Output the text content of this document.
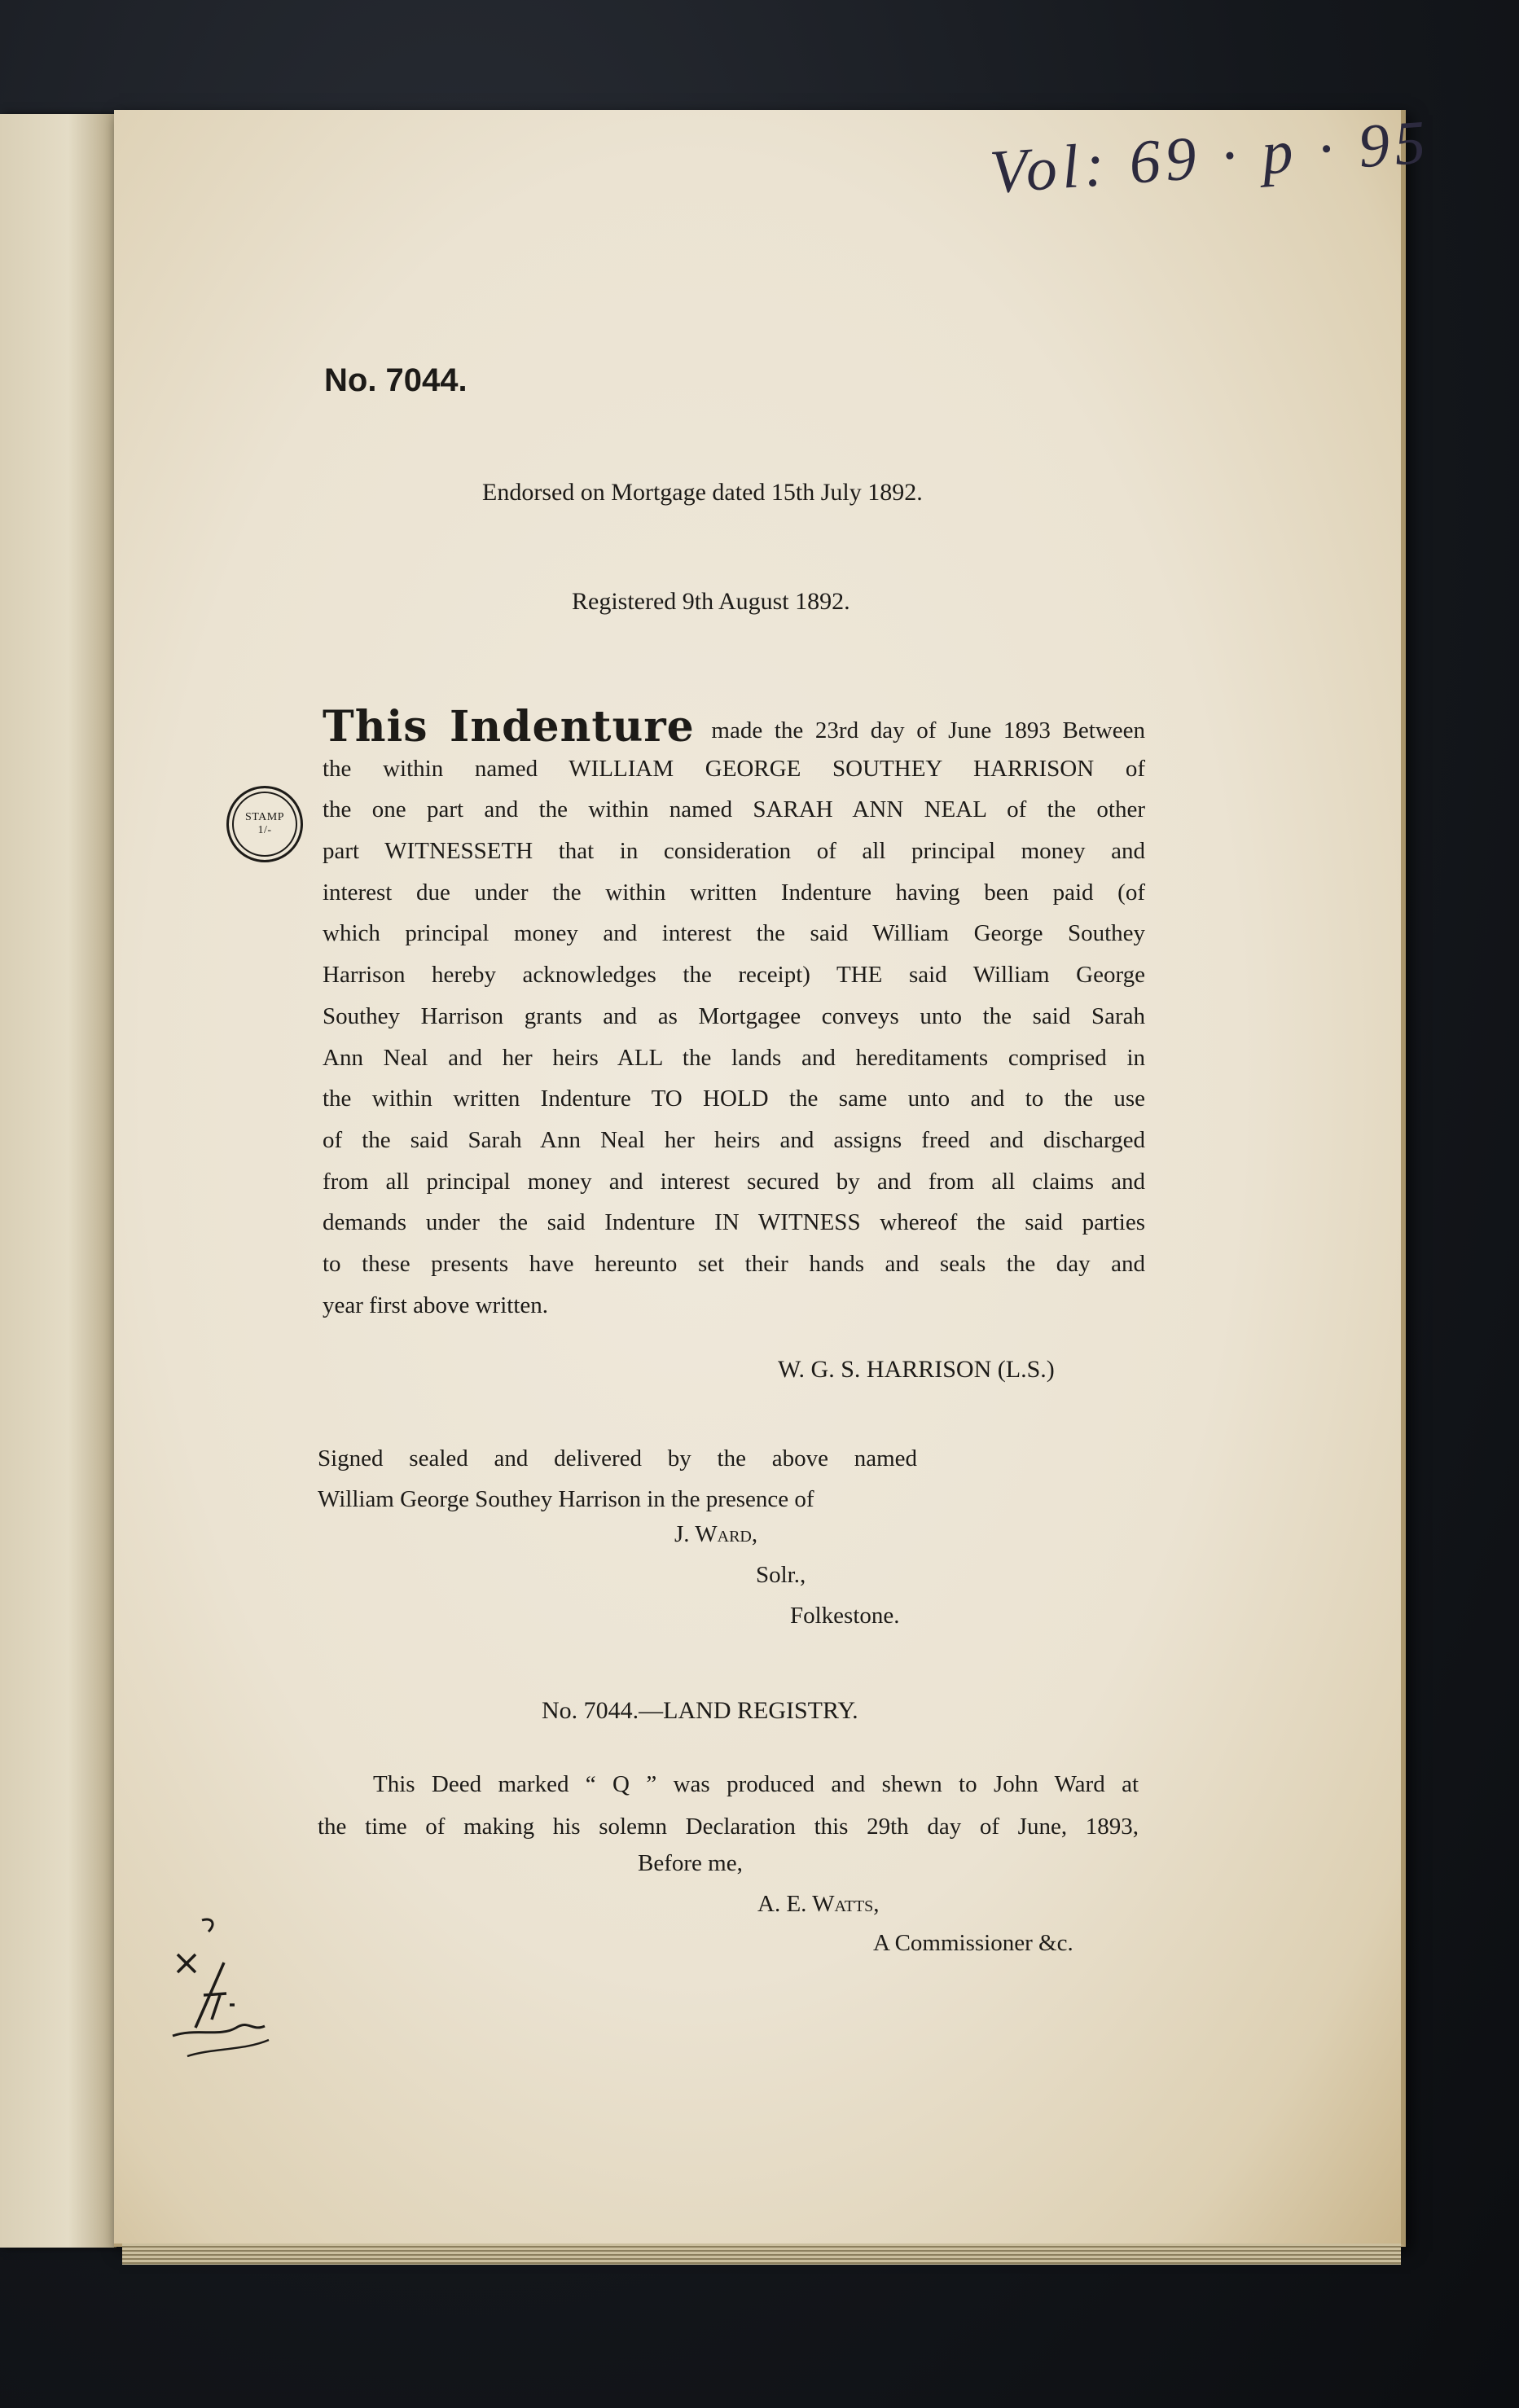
Vol: 69 · p · 95
No. 7044.
Endorsed on Mortgage dated 15th July 1892.
Registered 9th August 1892.
STAMP
1/-
This Indenture made the 23rd day of June 1893 Between
the within named WILLIAM GEORGE SOUTHEY HARRISON of
the one part and the within named SARAH ANN NEAL of the other
part WITNESSETH that in consideration of all principal money and
interest due under the within written Indenture having been paid (of
which principal money and interest the said William George Southey
Harrison hereby acknowledges the receipt) THE said William George
Southey Harrison grants and as Mortgagee conveys unto the said Sarah
Ann Neal and her heirs ALL the lands and hereditaments comprised in
the within written Indenture TO HOLD the same unto and to the use
of the said Sarah Ann Neal her heirs and assigns freed and discharged
from all principal money and interest secured by and from all claims and
demands under the said Indenture IN WITNESS whereof the said parties
to these presents have hereunto set their hands and seals the day and
year first above written.
W. G. S. HARRISON (L.S.)
Signed sealed and delivered by the above named
William George Southey Harrison in the presence of
J. Ward,
Solr.,
Folkestone.
No. 7044.—LAND REGISTRY.
This Deed marked “ Q ” was produced and shewn to John Ward at
the time of making his solemn Declaration this 29th day of June, 1893,
Before me,
A. E. Watts,
A Commissioner &c.
